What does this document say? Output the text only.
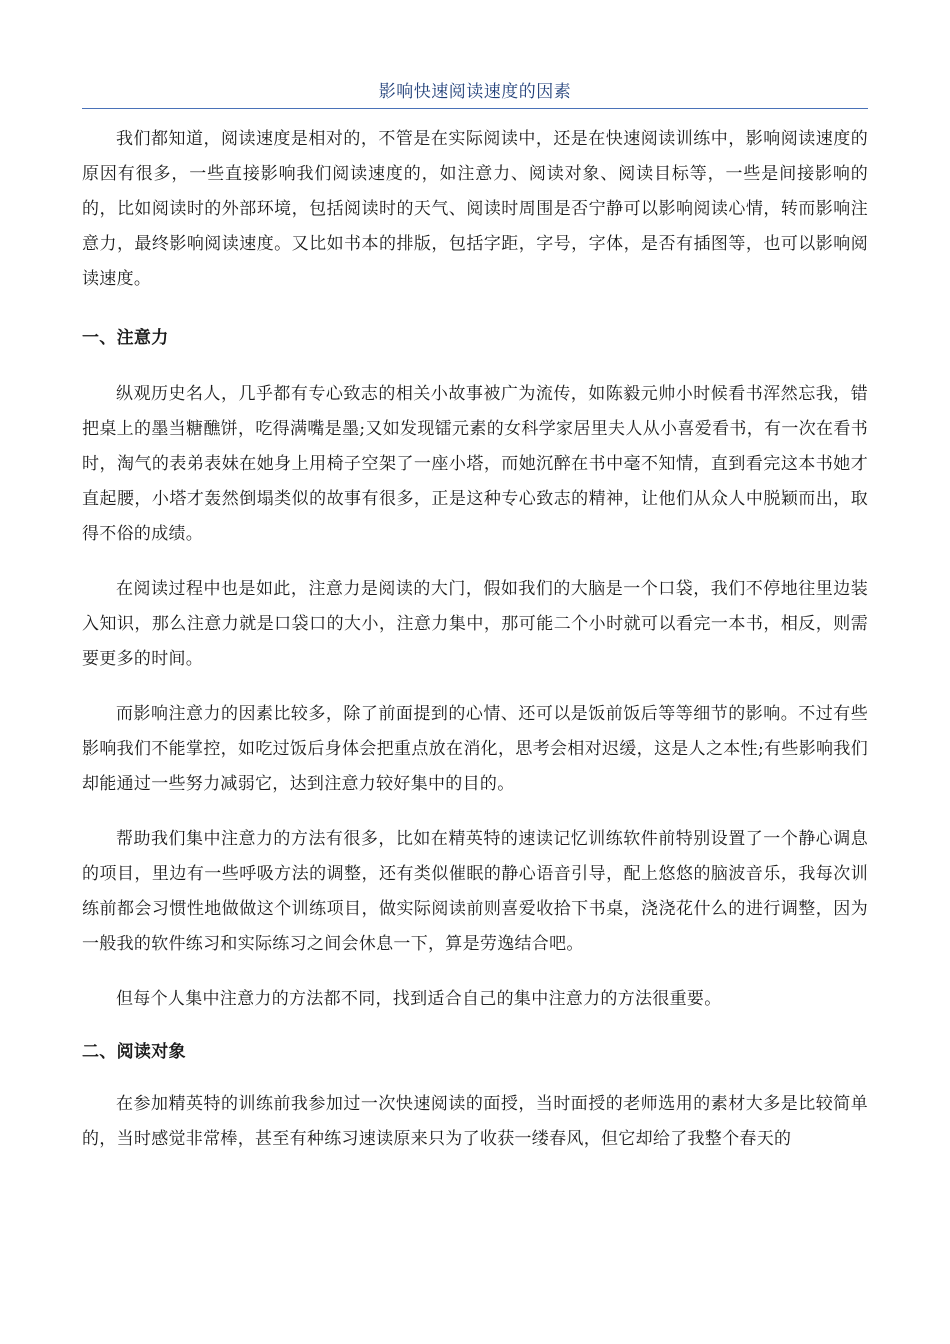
影响快速阅读速度的因素

我们都知道，阅读速度是相对的，不管是在实际阅读中，还是在快速阅读训练中，影响阅读速度的原因有很多，一些直接影响我们阅读速度的，如注意力、阅读对象、阅读目标等，一些是间接影响的的，比如阅读时的外部环境，包括阅读时的天气、阅读时周围是否宁静可以影响阅读心情，转而影响注意力，最终影响阅读速度。又比如书本的排版，包括字距，字号，字体，是否有插图等，也可以影响阅读速度。

一、注意力

纵观历史名人，几乎都有专心致志的相关小故事被广为流传，如陈毅元帅小时候看书浑然忘我，错把桌上的墨当糖醮饼，吃得满嘴是墨;又如发现镭元素的女科学家居里夫人从小喜爱看书，有一次在看书时，淘气的表弟表妹在她身上用椅子空架了一座小塔，而她沉醉在书中毫不知情，直到看完这本书她才直起腰，小塔才轰然倒塌类似的故事有很多，正是这种专心致志的精神，让他们从众人中脱颖而出，取得不俗的成绩。

在阅读过程中也是如此，注意力是阅读的大门，假如我们的大脑是一个口袋，我们不停地往里边装入知识，那么注意力就是口袋口的大小，注意力集中，那可能二个小时就可以看完一本书，相反，则需要更多的时间。

而影响注意力的因素比较多，除了前面提到的心情、还可以是饭前饭后等等细节的影响。不过有些影响我们不能掌控，如吃过饭后身体会把重点放在消化，思考会相对迟缓，这是人之本性;有些影响我们却能通过一些努力减弱它，达到注意力较好集中的目的。

帮助我们集中注意力的方法有很多，比如在精英特的速读记忆训练软件前特别设置了一个静心调息的项目，里边有一些呼吸方法的调整，还有类似催眠的静心语音引导，配上悠悠的脑波音乐，我每次训练前都会习惯性地做做这个训练项目，做实际阅读前则喜爱收拾下书桌，浇浇花什么的进行调整，因为一般我的软件练习和实际练习之间会休息一下，算是劳逸结合吧。

但每个人集中注意力的方法都不同，找到适合自己的集中注意力的方法很重要。

二、阅读对象

在参加精英特的训练前我参加过一次快速阅读的面授，当时面授的老师选用的素材大多是比较简单的，当时感觉非常棒，甚至有种练习速读原来只为了收获一缕春风，但它却给了我整个春天的
